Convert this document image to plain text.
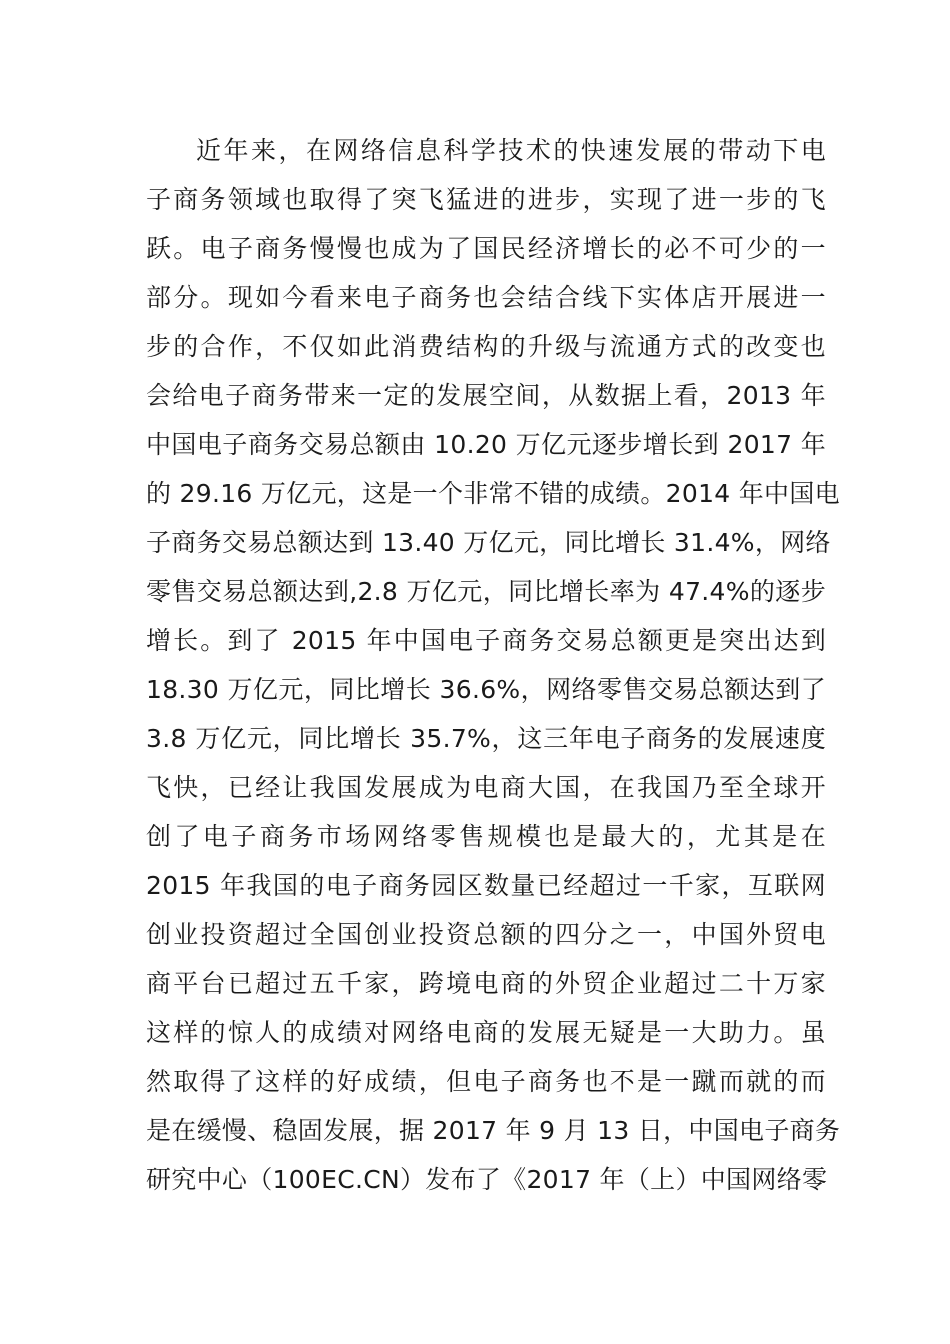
近年来，在网络信息科学技术的快速发展的带动下电
子商务领域也取得了突飞猛进的进步，实现了进一步的飞
跃。电子商务慢慢也成为了国民经济增长的必不可少的一
部分。现如今看来电子商务也会结合线下实体店开展进一
步的合作，不仅如此消费结构的升级与流通方式的改变也
会给电子商务带来一定的发展空间，从数据上看，2013 年
中国电子商务交易总额由 10.20 万亿元逐步增长到 2017 年
的 29.16 万亿元，这是一个非常不错的成绩。2014 年中国电
子商务交易总额达到 13.40 万亿元，同比增长 31.4%，网络
零售交易总额达到,2.8 万亿元，同比增长率为 47.4%的逐步
增长。到了 2015 年中国电子商务交易总额更是突出达到
18.30 万亿元，同比增长 36.6%，网络零售交易总额达到了
3.8 万亿元，同比增长 35.7%，这三年电子商务的发展速度
飞快，已经让我国发展成为电商大国，在我国乃至全球开
创了电子商务市场网络零售规模也是最大的，尤其是在
2015 年我国的电子商务园区数量已经超过一千家，互联网
创业投资超过全国创业投资总额的四分之一，中国外贸电
商平台已超过五千家，跨境电商的外贸企业超过二十万家
这样的惊人的成绩对网络电商的发展无疑是一大助力。虽
然取得了这样的好成绩，但电子商务也不是一蹴而就的而
是在缓慢、稳固发展，据 2017 年 9 月 13 日，中国电子商务
研究中心（100EC.CN）发布了《2017 年（上）中国网络零
